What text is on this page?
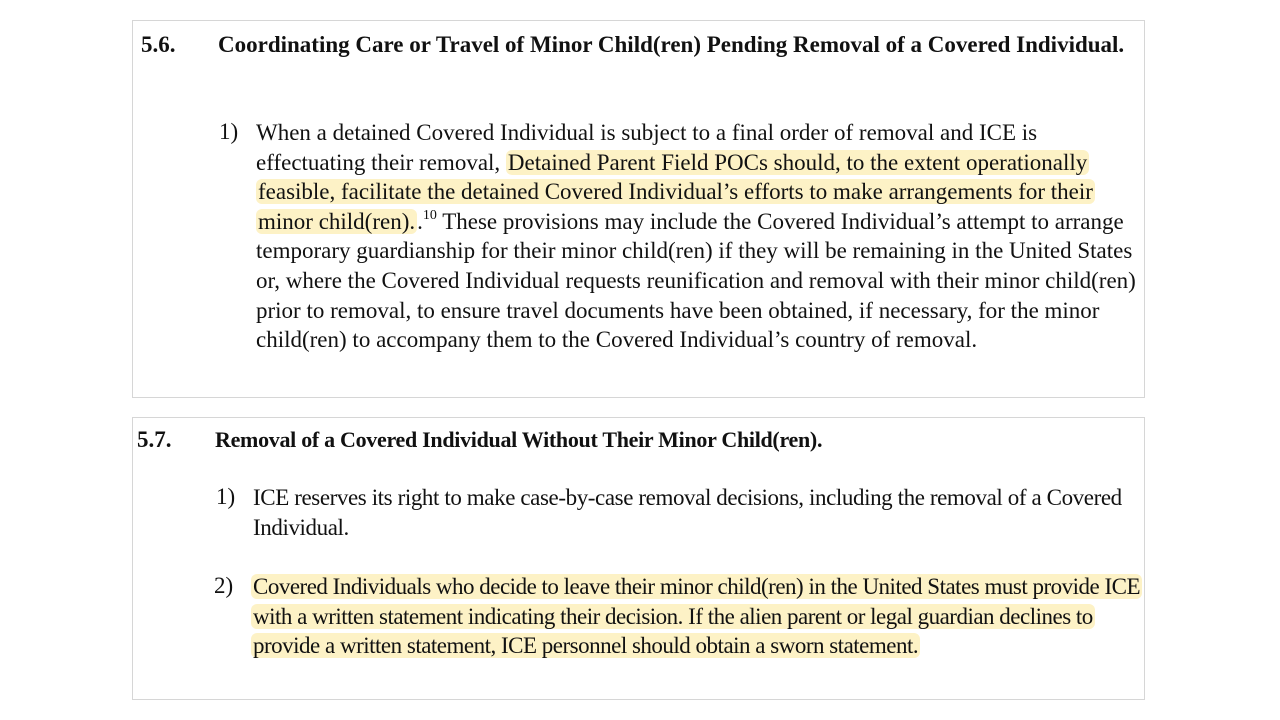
5.6. Coordinating Care or Travel of Minor Child(ren) Pending Removal of a Covered Individual.
1) When a detained Covered Individual is subject to a final order of removal and ICE is effectuating their removal, Detained Parent Field POCs should, to the extent operationally feasible, facilitate the detained Covered Individual’s efforts to make arrangements for their minor child(ren)..$^{10}$ These provisions may include the Covered Individual’s attempt to arrange temporary guardianship for their minor child(ren) if they will be remaining in the United States or, where the Covered Individual requests reunification and removal with their minor child(ren) prior to removal, to ensure travel documents have been obtained, if necessary, for the minor child(ren) to accompany them to the Covered Individual’s country of removal.
5.7. Removal of a Covered Individual Without Their Minor Child(ren).
1) ICE reserves its right to make case-by-case removal decisions, including the removal of a Covered Individual.
2) Covered Individuals who decide to leave their minor child(ren) in the United States must provide ICE with a written statement indicating their decision. If the alien parent or legal guardian declines to provide a written statement, ICE personnel should obtain a sworn statement.
